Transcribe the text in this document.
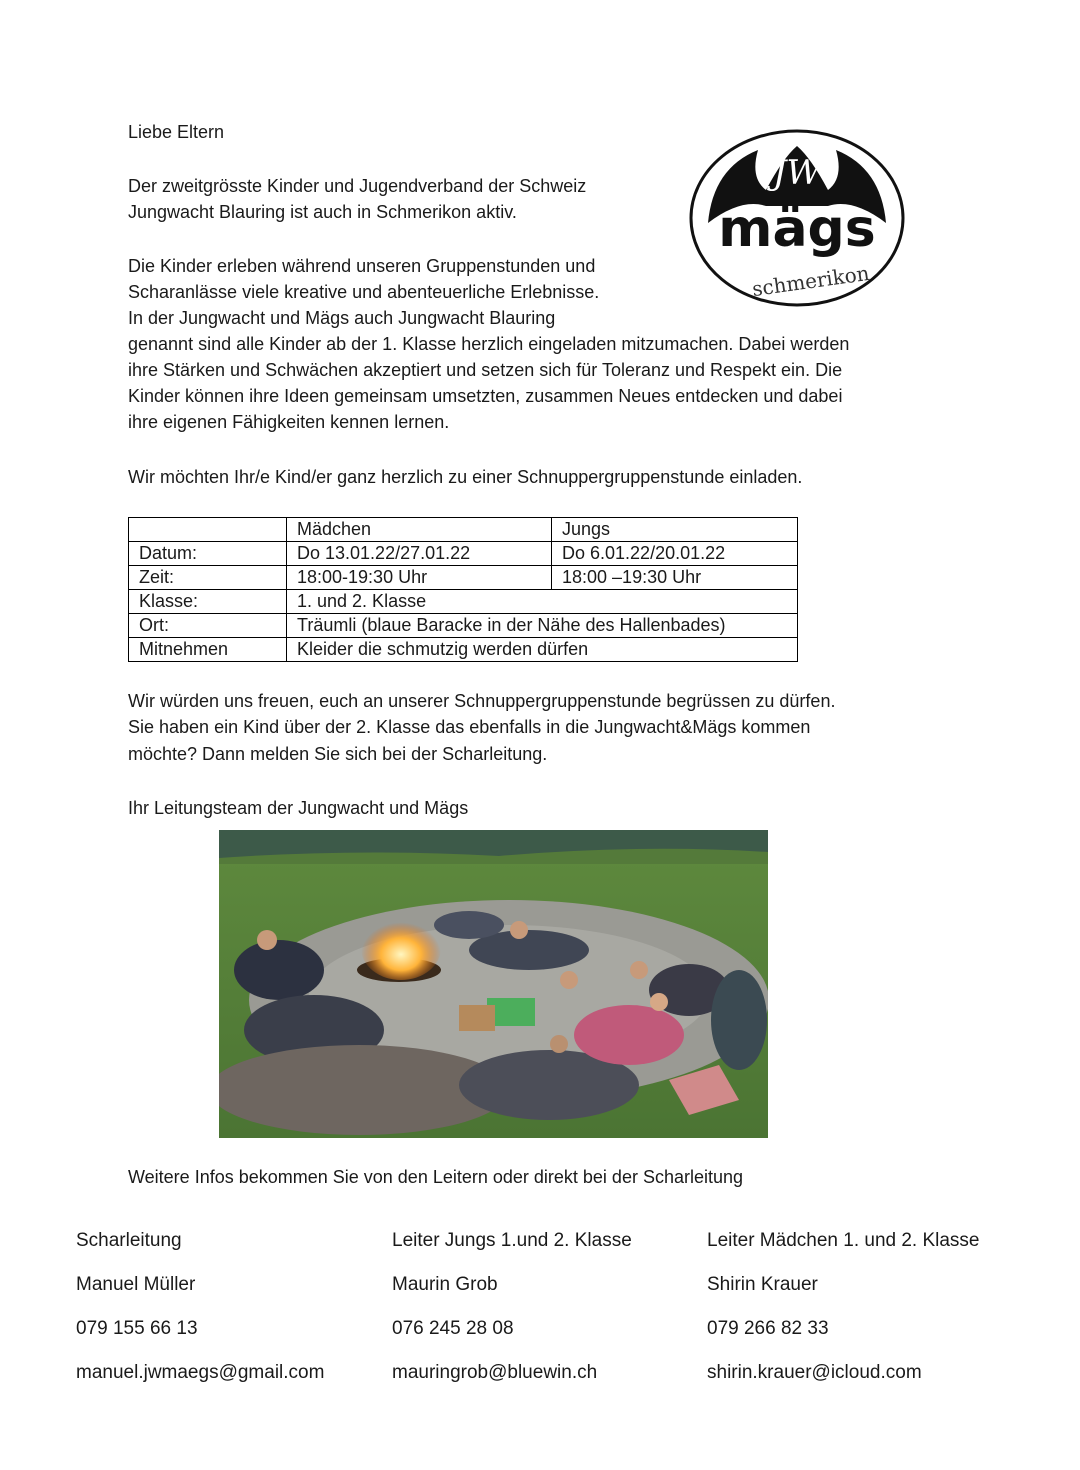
Liebe Eltern

Der zweitgrösste Kinder und Jugendverband der Schweiz

Jungwacht Blauring ist auch in Schmerikon aktiv.

Die Kinder erleben während unseren Gruppenstunden und

Scharanlässe viele kreative und abenteuerliche Erlebnisse.

In der Jungwacht und Mägs auch Jungwacht Blauring

genannt sind alle Kinder ab der 1. Klasse herzlich eingeladen mitzumachen. Dabei werden

ihre Stärken und Schwächen akzeptiert und setzen sich für Toleranz und Respekt ein. Die

Kinder können ihre Ideen gemeinsam umsetzten, zusammen Neues entdecken und dabei

ihre eigenen Fähigkeiten kennen lernen.

JW
mägs
schmerikon

Wir möchten Ihr/e Kind/er ganz herzlich zu einer Schnuppergruppenstunde einladen.

	Mädchen	Jungs
Datum:	Do 13.01.22/27.01.22	Do 6.01.22/20.01.22
Zeit:	18:00-19:30 Uhr	18:00 –19:30 Uhr
Klasse:	1. und 2. Klasse	
Ort:	Träumli (blaue Baracke in der Nähe des Hallenbades)	
Mitnehmen	Kleider die schmutzig werden dürfen	

Wir würden uns freuen, euch an unserer Schnuppergruppenstunde begrüssen zu dürfen.

Sie haben ein Kind über der 2. Klasse das ebenfalls in die Jungwacht&Mägs kommen

möchte? Dann melden Sie sich bei der Scharleitung.

Ihr Leitungsteam der Jungwacht und Mägs

Weitere Infos bekommen Sie von den Leitern oder direkt bei der Scharleitung

Scharleitung	Leiter Jungs 1.und 2. Klasse	Leiter Mädchen 1. und 2. Klasse
Manuel Müller	Maurin Grob	Shirin Krauer
079 155 66 13	076 245 28 08	079 266 82 33
manuel.jwmaegs@gmail.com	mauringrob@bluewin.ch	shirin.krauer@icloud.com
